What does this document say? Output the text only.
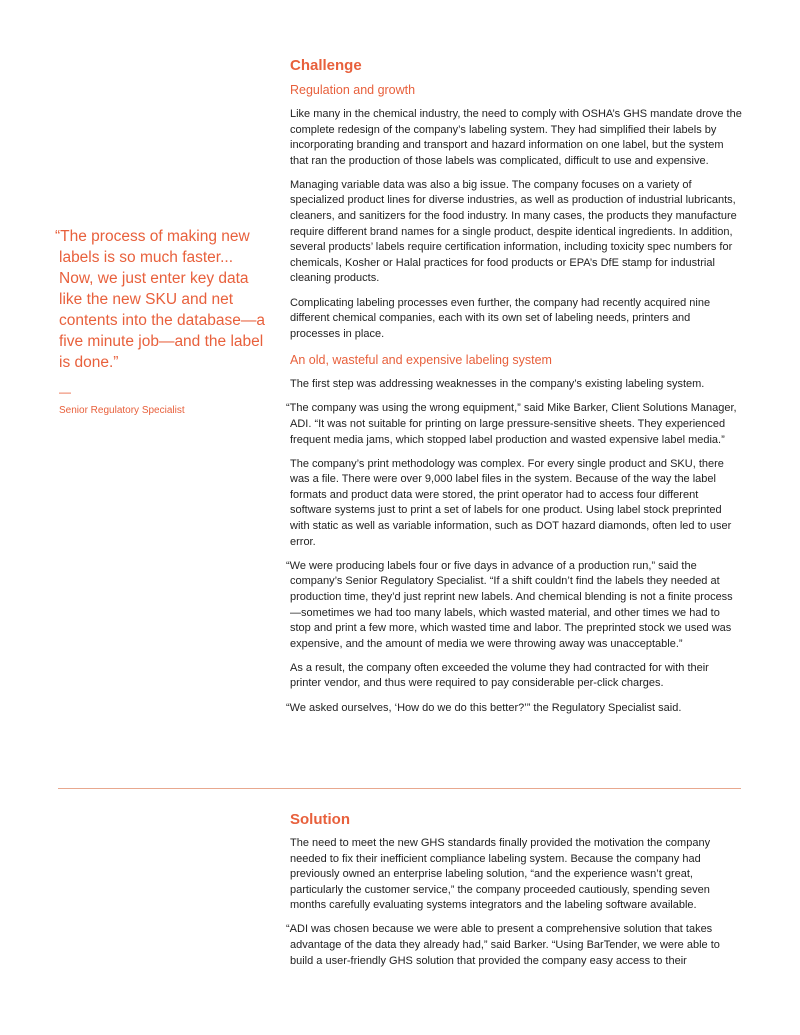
“The process of making new labels is so much faster... Now, we just enter key data like the new SKU and net contents into the database—a five minute job—and the label is done.”

—
Senior Regulatory Specialist
Challenge
Regulation and growth

Like many in the chemical industry, the need to comply with OSHA’s GHS mandate drove the complete redesign of the company’s labeling system. They had simplified their labels by incorporating branding and transport and hazard information on one label, but the system that ran the production of those labels was complicated, difficult to use and expensive.

Managing variable data was also a big issue. The company focuses on a variety of specialized product lines for diverse industries, as well as production of industrial lubricants, cleaners, and sanitizers for the food industry. In many cases, the products they manufacture require different brand names for a single product, despite identical ingredients. In addition, several products’ labels require certification information, including toxicity spec numbers for chemicals, Kosher or Halal practices for food products or EPA’s DfE stamp for industrial cleaning products.

Complicating labeling processes even further, the company had recently acquired nine different chemical companies, each with its own set of labeling needs, printers and processes in place.

An old, wasteful and expensive labeling system

The first step was addressing weaknesses in the company’s existing labeling system.

“The company was using the wrong equipment,” said Mike Barker, Client Solutions Manager, ADI. “It was not suitable for printing on large pressure-sensitive sheets. They experienced frequent media jams, which stopped label production and wasted expensive label media.”

The company’s print methodology was complex. For every single product and SKU, there was a file. There were over 9,000 label files in the system. Because of the way the label formats and product data were stored, the print operator had to access four different software systems just to print a set of labels for one product. Using label stock preprinted with static as well as variable information, such as DOT hazard diamonds, often led to user error.

“We were producing labels four or five days in advance of a production run,” said the company’s Senior Regulatory Specialist. “If a shift couldn’t find the labels they needed at production time, they’d just reprint new labels. And chemical blending is not a finite process—sometimes we had too many labels, which wasted material, and other times we had to stop and print a few more, which wasted time and labor. The preprinted stock we used was expensive, and the amount of media we were throwing away was unacceptable.”

As a result, the company often exceeded the volume they had contracted for with their printer vendor, and thus were required to pay considerable per-click charges.

“We asked ourselves, ‘How do we do this better?’” the Regulatory Specialist said.

Solution

The need to meet the new GHS standards finally provided the motivation the company needed to fix their inefficient compliance labeling system. Because the company had previously owned an enterprise labeling solution, “and the experience wasn’t great, particularly the customer service,” the company proceeded cautiously, spending seven months carefully evaluating systems integrators and the labeling software available.

“ADI was chosen because we were able to present a comprehensive solution that takes advantage of the data they already had,” said Barker. “Using BarTender, we were able to build a user-friendly GHS solution that provided the company easy access to their
